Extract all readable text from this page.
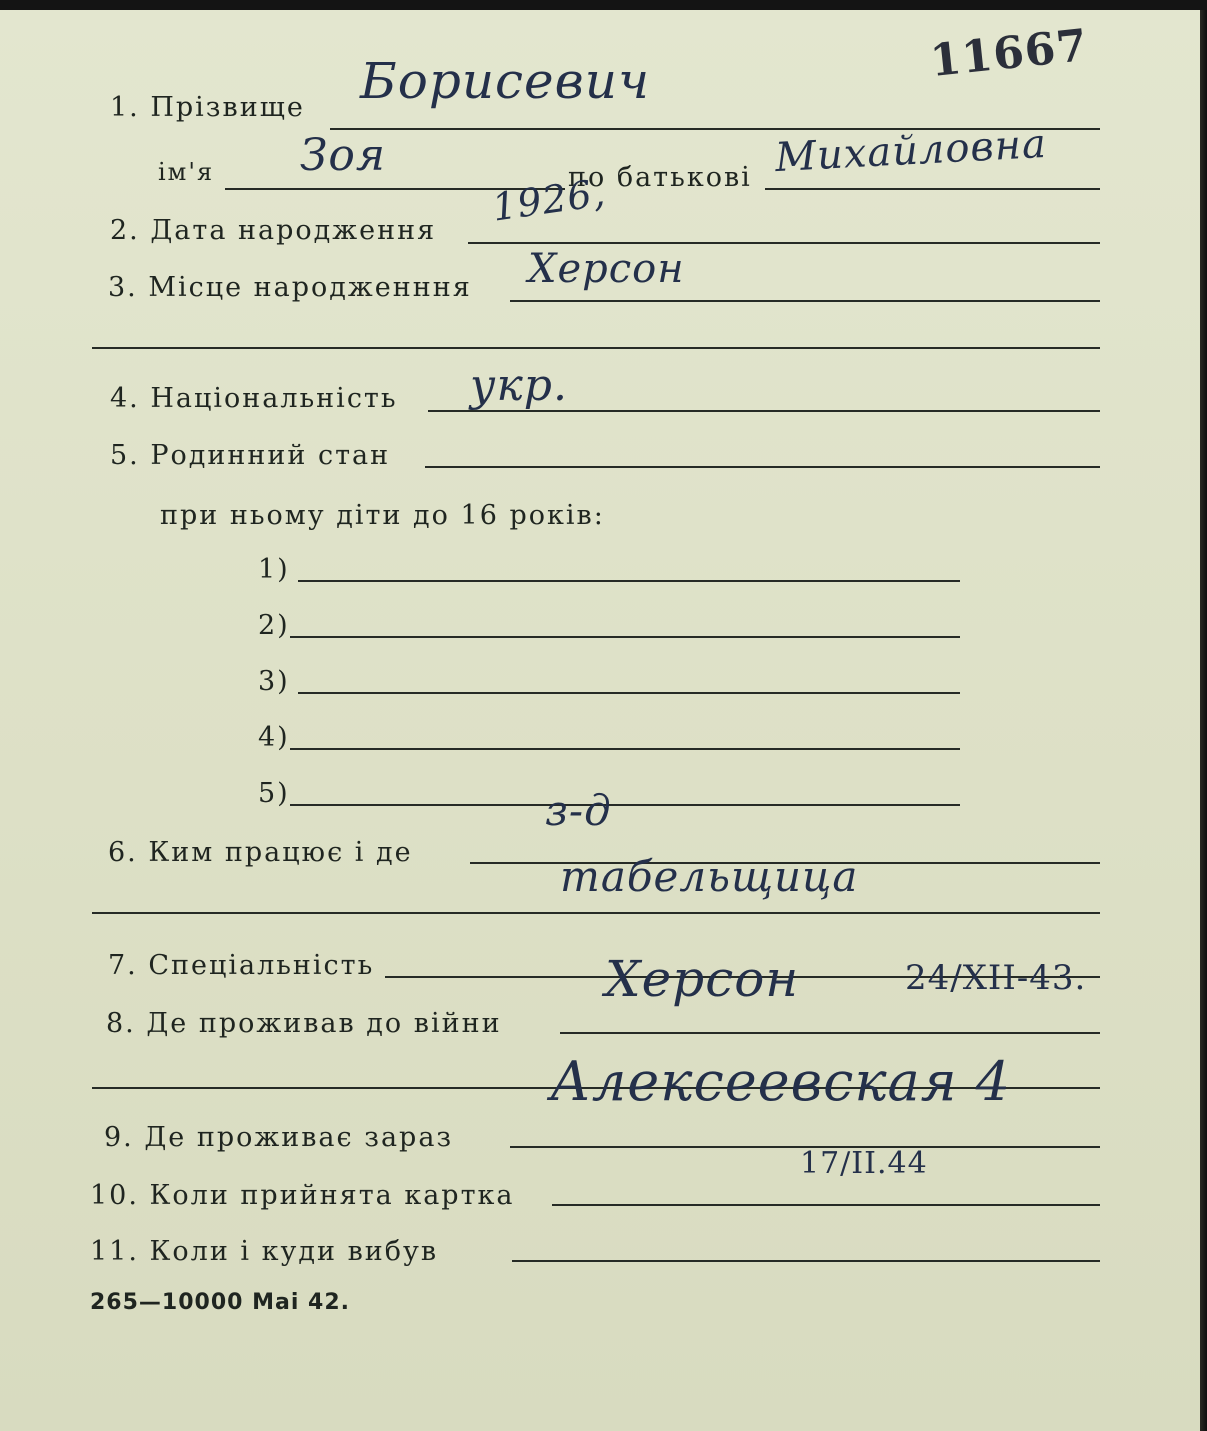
11667
1. Прізвище Борисевич
ім'я Зоя	по батькові Михайловна
2. Дата народження
1926,
3. Місце народженння Херсон
4. Національність укр.
5. Родинний стан
при ньому діти до 16 років:
1)
2)
3)
4)
5)
6. Ким працює і де
з-д
табельщица
7. Спеціальність
8. Де проживав до війни
Херсон	24/XII-43.
Алексеевская 4
9. Де проживає зараз
10. Коли прийнята картка
17/II.44
11. Коли і куди вибув
265—10000 Mai 42.
